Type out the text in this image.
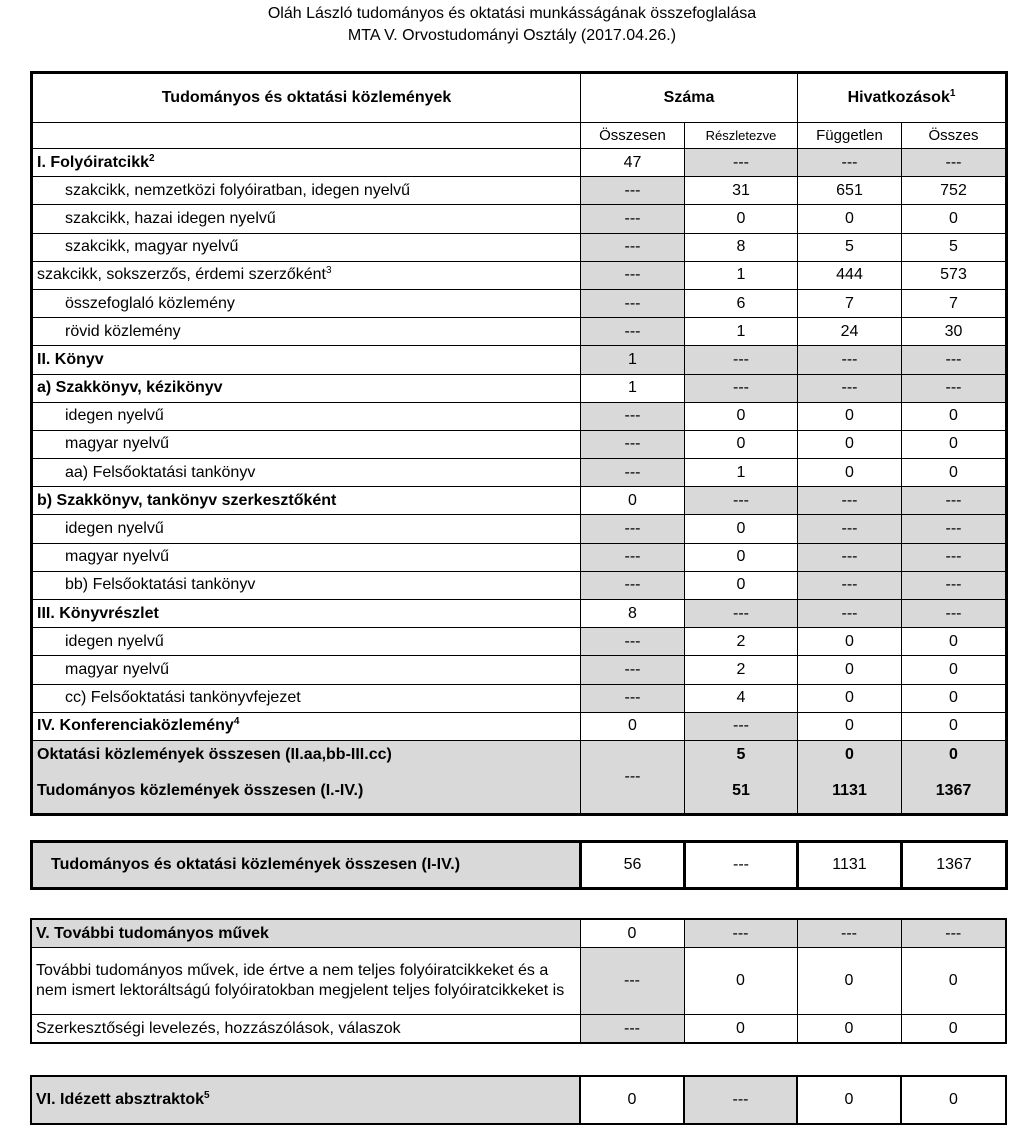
Oláh László tudományos és oktatási munkásságának összefoglalása
MTA V. Orvostudományi Osztály (2017.04.26.)
Tudományos és oktatási közlemények	Száma		Hivatkozások$^1$
	Összesen	Részletezve	Független	Összes
I. Folyóiratcikk$^2$	47	---	---	---
szakcikk, nemzetközi folyóiratban, idegen nyelvű	---	31	651	752
szakcikk, hazai idegen nyelvű	---	0	0	0
szakcikk, magyar nyelvű	---	8	5	5
szakcikk, sokszerzős, érdemi szerzőként$^3$	---	1	444	573
összefoglaló közlemény	---	6	7	7
rövid közlemény	---	1	24	30
II. Könyv	1	---	---	---
a) Szakkönyv, kézikönyv	1	---	---	---
idegen nyelvű	---	0	0	0
magyar nyelvű	---	0	0	0
aa) Felsőoktatási tankönyv	---	1	0	0
b) Szakkönyv, tankönyv szerkesztőként	0	---	---	---
idegen nyelvű	---	0	---	---
magyar nyelvű	---	0	---	---
bb) Felsőoktatási tankönyv	---	0	---	---
III. Könyvrészlet	8	---	---	---
idegen nyelvű	---	2	0	0
magyar nyelvű	---	2	0	0
cc) Felsőoktatási tankönyvfejezet	---	4	0	0
IV. Konferenciaközlemény$^4$	0	---	0	0
Oktatási közlemények összesen (II.aa,bb-III.cc)	---	5	0	0
Tudományos közlemények összesen (I.-IV.)		51	1131	1367
Tudományos és oktatási közlemények összesen (I-IV.)	56	---	1131	1367
V. További tudományos művek	0	---	---	---
További tudományos művek, ide értve a nem teljes folyóiratcikkeket és a nem ismert lektoráltságú folyóiratokban megjelent teljes folyóiratcikkeket is	---	0	0	0
Szerkesztőségi levelezés, hozzászólások, válaszok	---	0	0	0
VI. Idézett absztraktok$^5$	0	---	0	0
